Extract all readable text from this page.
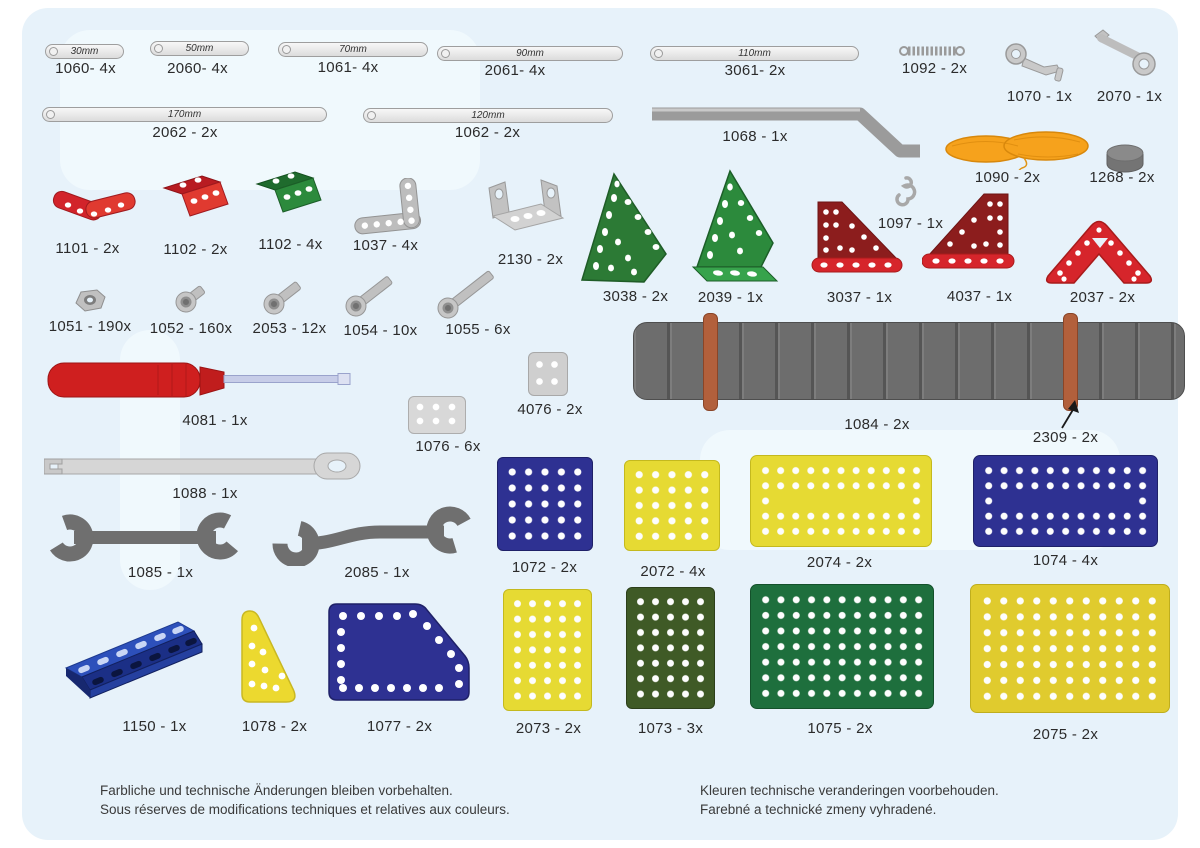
30mm
1060- 4x
50mm
2060- 4x
70mm
1061- 4x
90mm
2061- 4x
110mm
3061- 2x	1092 - 2x
1070 - 1x	2070 - 1x
170mm
2062 - 2x
120mm
1062 - 2x	1068 - 1x
1090 - 2x	1268 - 2x
1101 - 2x	1102 - 2x	1102 - 4x	1037 - 4x
2130 - 2x
3038 - 2x	2039 - 1x
1097 - 1x
3037 - 1x	4037 - 1x	2037 - 2x
1051 - 190x	1052 - 160x	2053 - 12x	1054 - 10x	1055 - 6x
4081 - 1x
1076 - 6x
4076 - 2x
1084 - 2x
2309 - 2x
1088 - 1x
1085 - 1x	2085 - 1x	1072 - 2x	2072 - 4x
2074 - 2x	1074 - 4x
1150 - 1x	1078 - 2x	1077 - 2x	2073 - 2x	1073 - 3x	1075 - 2x	2075 - 2x
Farbliche und technische Änderungen bleiben vorbehalten.
Sous réserves de modifications techniques et relatives aux couleurs.
Kleuren technische veranderingen voorbehouden.
Farebné a technické zmeny vyhradené.
